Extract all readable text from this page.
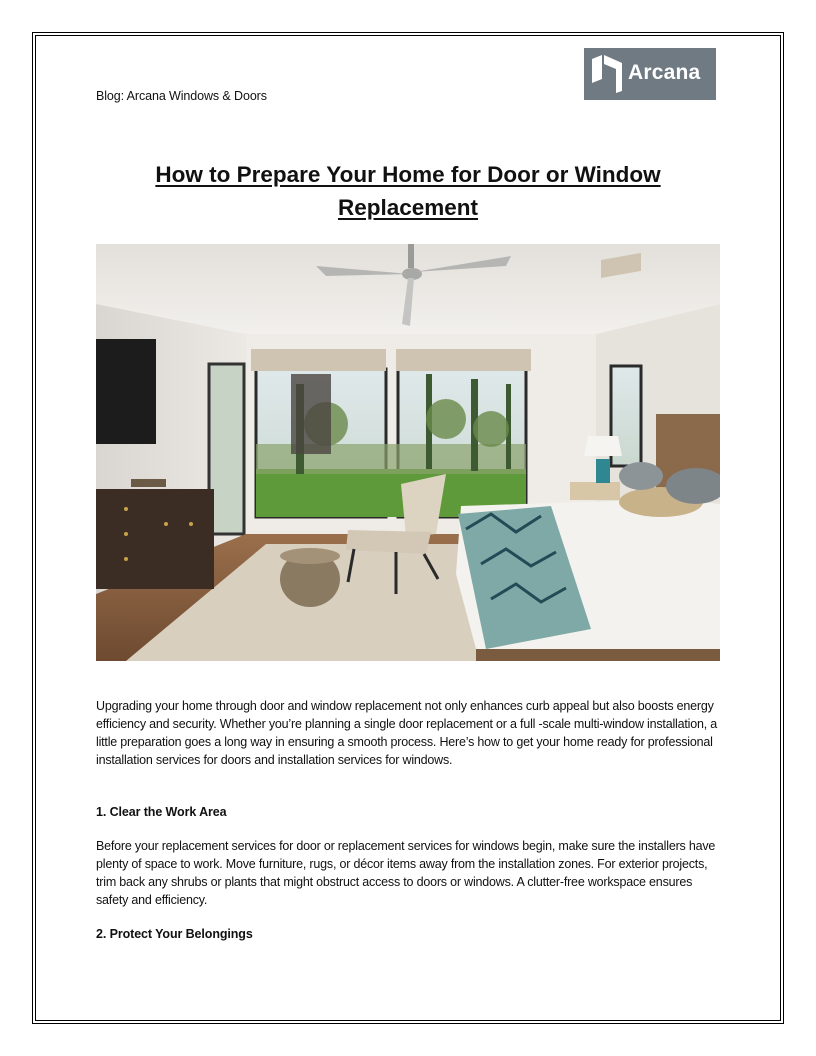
Blog: Arcana Windows & Doors
Arcana
How to Prepare Your Home for Door or Window Replacement

Upgrading your home through door and window replacement not only enhances curb appeal but also boosts energy efficiency and security. Whether you’re planning a single door replacement or a full -scale multi-window installation, a little preparation goes a long way in ensuring a smooth process. Here’s how to get your home ready for professional installation services for doors and installation services for windows.

1. Clear the Work Area

Before your replacement services for door or replacement services for windows begin, make sure the installers have plenty of space to work. Move furniture, rugs, or décor items away from the installation zones. For exterior projects, trim back any shrubs or plants that might obstruct access to doors or windows. A clutter-free workspace ensures safety and efficiency.

2. Protect Your Belongings
